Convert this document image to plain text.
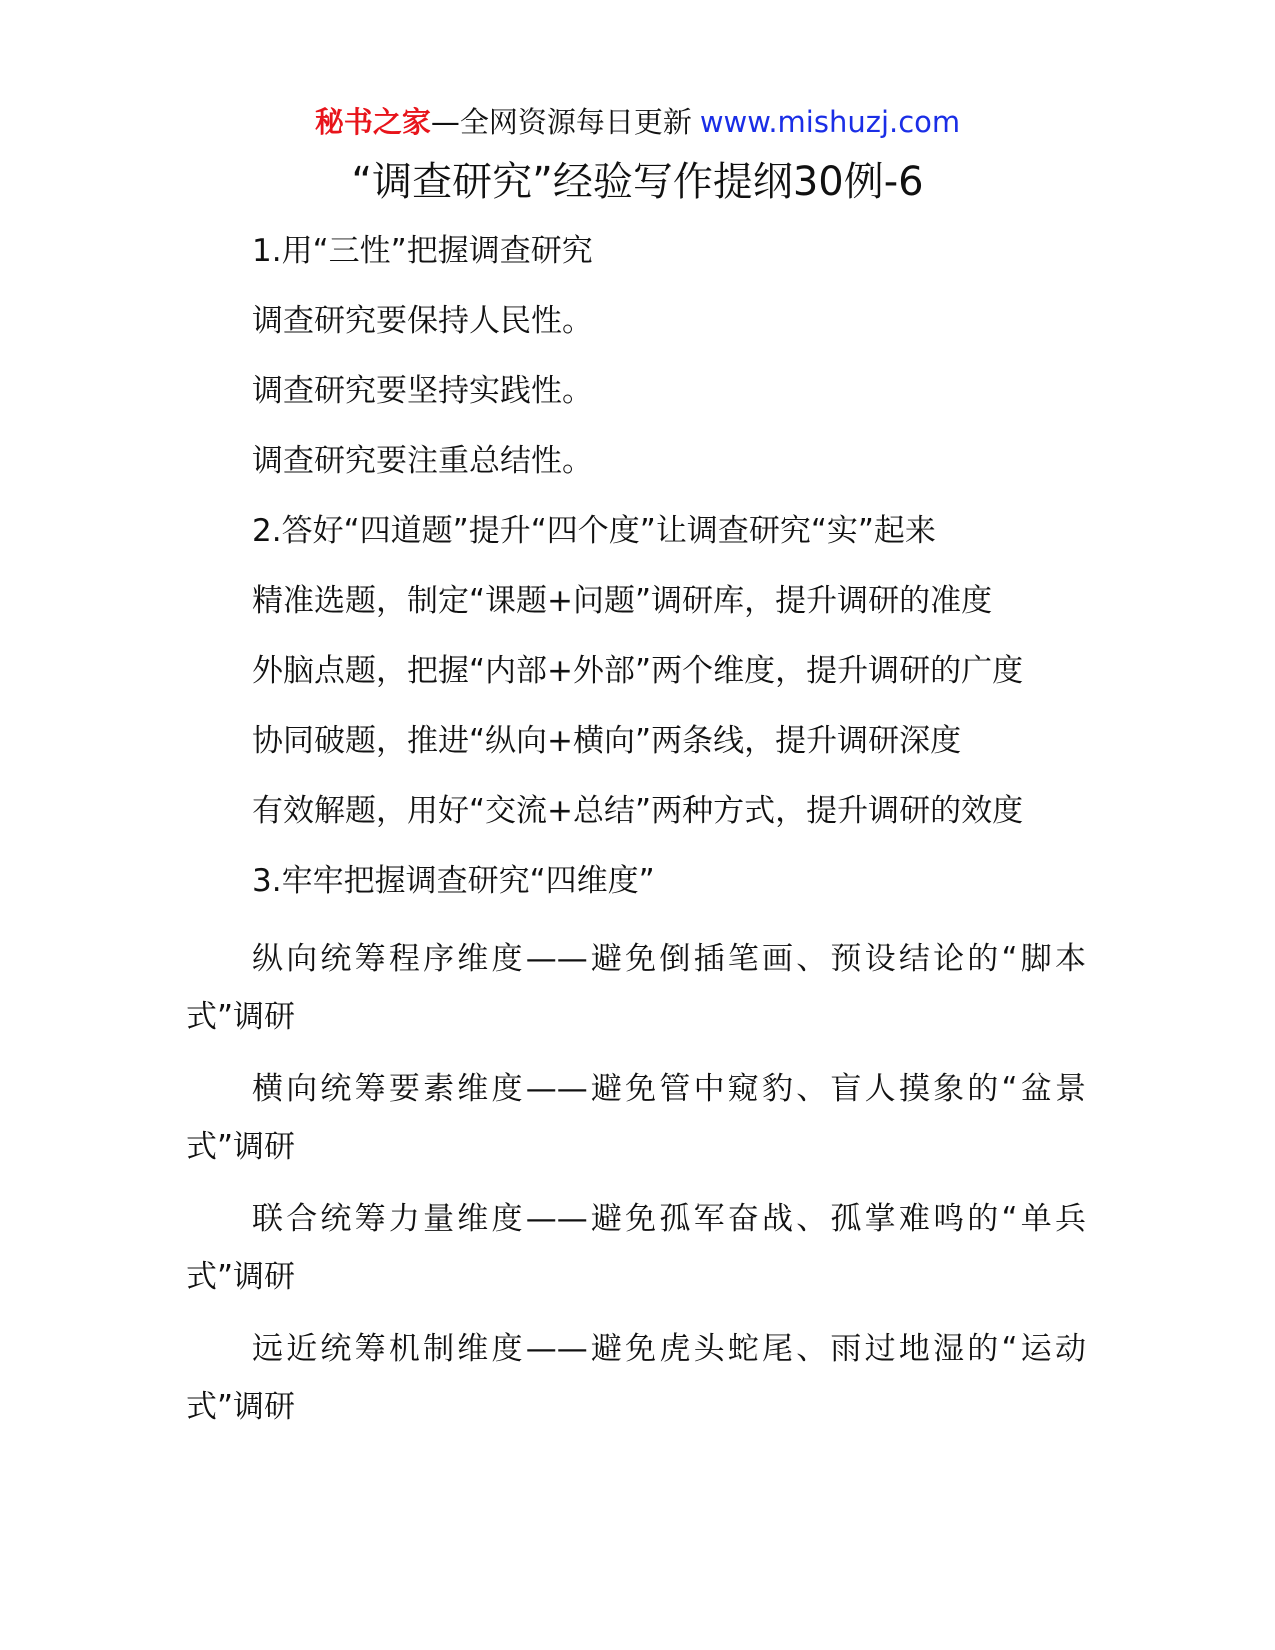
秘书之家—全网资源每日更新 www.mishuzj.com
“调查研究”经验写作提纲30例-6

1.用“三性”把握调查研究

调查研究要保持人民性。

调查研究要坚持实践性。

调查研究要注重总结性。

2.答好“四道题”提升“四个度”让调查研究“实”起来

精准选题，制定“课题+问题”调研库，提升调研的准度

外脑点题，把握“内部+外部”两个维度，提升调研的广度

协同破题，推进“纵向+横向”两条线，提升调研深度

有效解题，用好“交流+总结”两种方式，提升调研的效度

3.牢牢把握调查研究“四维度”

纵向统筹程序维度——避免倒插笔画、预设结论的“脚本式”调研

横向统筹要素维度——避免管中窥豹、盲人摸象的“盆景式”调研

联合统筹力量维度——避免孤军奋战、孤掌难鸣的“单兵式”调研

远近统筹机制维度——避免虎头蛇尾、雨过地湿的“运动式”调研
